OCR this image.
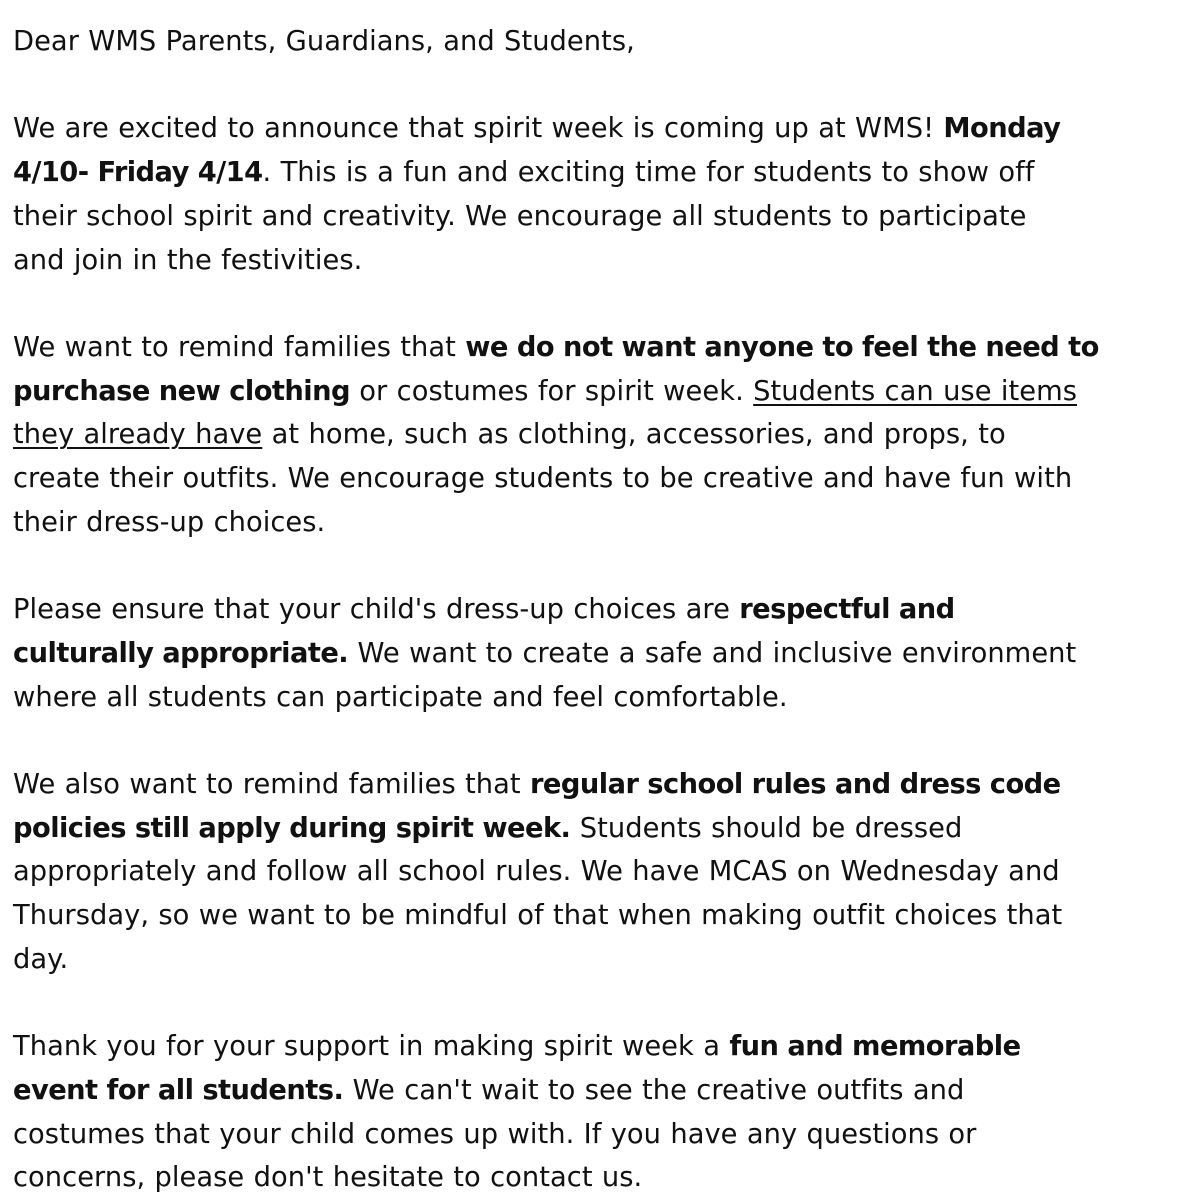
Dear WMS Parents, Guardians, and Students,

We are excited to announce that spirit week is coming up at WMS! Monday

4/10- Friday 4/14. This is a fun and exciting time for students to show off

their school spirit and creativity. We encourage all students to participate

and join in the festivities.

We want to remind families that we do not want anyone to feel the need to

purchase new clothing or costumes for spirit week. Students can use items

they already have at home, such as clothing, accessories, and props, to

create their outfits. We encourage students to be creative and have fun with

their dress-up choices.

Please ensure that your child's dress-up choices are respectful and

culturally appropriate. We want to create a safe and inclusive environment

where all students can participate and feel comfortable.

We also want to remind families that regular school rules and dress code

policies still apply during spirit week. Students should be dressed

appropriately and follow all school rules. We have MCAS on Wednesday and

Thursday, so we want to be mindful of that when making outfit choices that

day.

Thank you for your support in making spirit week a fun and memorable

event for all students. We can't wait to see the creative outfits and

costumes that your child comes up with. If you have any questions or

concerns, please don't hesitate to contact us.
